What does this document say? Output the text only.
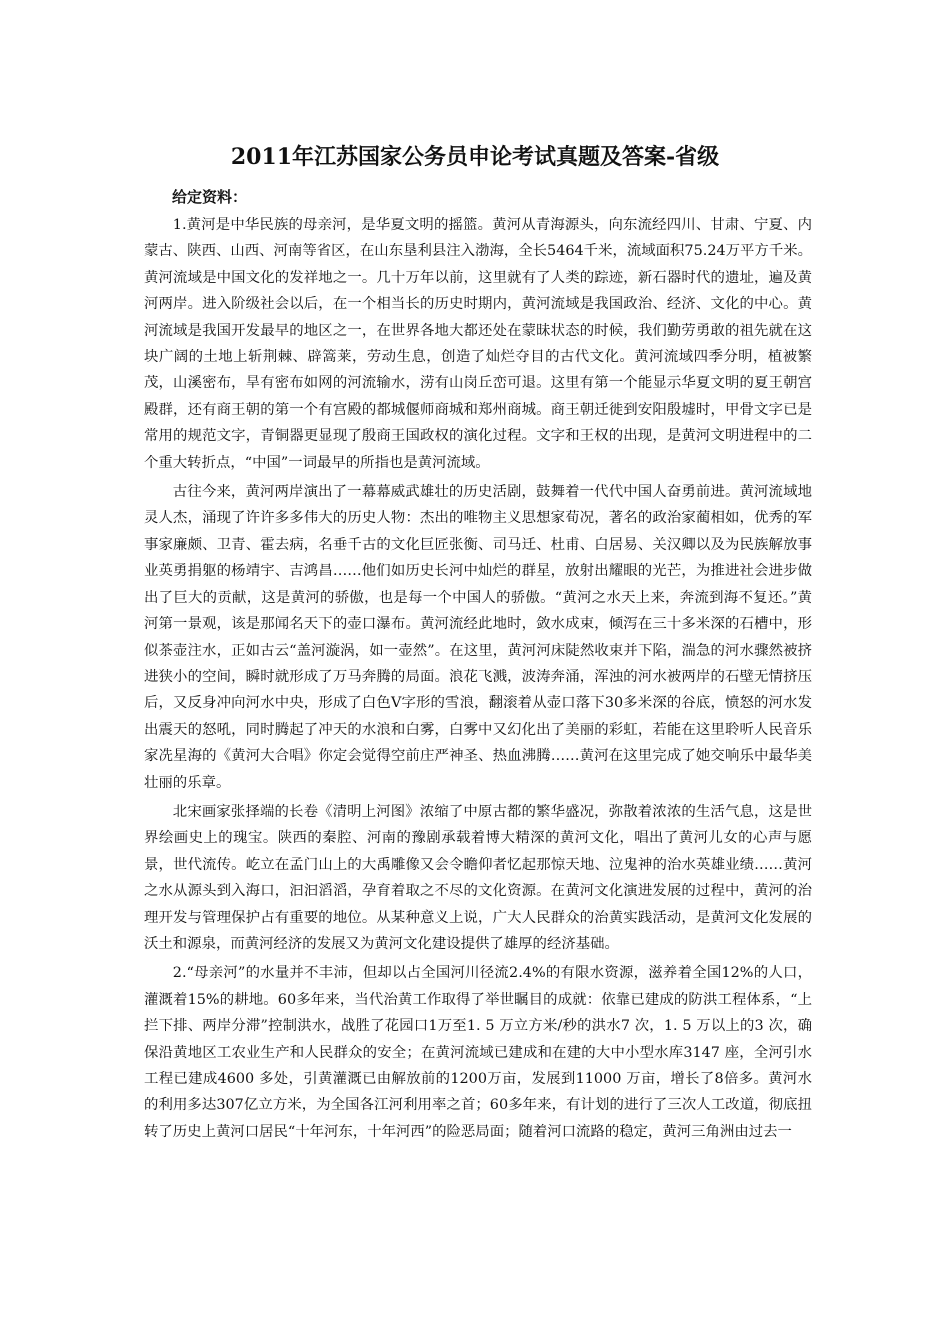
2011年江苏国家公务员申论考试真题及答案-省级

给定资料：

1.黄河是中华民族的母亲河，是华夏文明的摇篮。黄河从青海源头，向东流经四川、甘肃、宁夏、内蒙古、陕西、山西、河南等省区，在山东垦利县注入渤海，全长5464千米，流域面积75.24万平方千米。黄河流域是中国文化的发祥地之一。几十万年以前，这里就有了人类的踪迹，新石器时代的遗址，遍及黄河两岸。进入阶级社会以后，在一个相当长的历史时期内，黄河流域是我国政治、经济、文化的中心。黄河流域是我国开发最早的地区之一，在世界各地大都还处在蒙昧状态的时候，我们勤劳勇敢的祖先就在这块广阔的土地上斩荆棘、辟篙莱，劳动生息，创造了灿烂夺目的古代文化。黄河流域四季分明，植被繁茂，山溪密布，旱有密布如网的河流输水，涝有山岗丘峦可退。这里有第一个能显示华夏文明的夏王朝宫殿群，还有商王朝的第一个有宫殿的都城偃师商城和郑州商城。商王朝迁徙到安阳殷墟时，甲骨文字已是常用的规范文字，青铜器更显现了殷商王国政权的演化过程。文字和王权的出现，是黄河文明进程中的二个重大转折点，“中国”一词最早的所指也是黄河流域。

古往今来，黄河两岸演出了一幕幕威武雄壮的历史活剧，鼓舞着一代代中国人奋勇前进。黄河流域地灵人杰，涌现了许许多多伟大的历史人物：杰出的唯物主义思想家荀况，著名的政治家蔺相如，优秀的军事家廉颇、卫青、霍去病，名垂千古的文化巨匠张衡、司马迁、杜甫、白居易、关汉卿以及为民族解放事业英勇捐躯的杨靖宇、吉鸿昌……他们如历史长河中灿烂的群星，放射出耀眼的光芒，为推进社会进步做出了巨大的贡献，这是黄河的骄傲，也是每一个中国人的骄傲。“黄河之水天上来，奔流到海不复还。”黄河第一景观，该是那闻名天下的壶口瀑布。黄河流经此地时，敛水成束，倾泻在三十多米深的石槽中，形似茶壶注水，正如古云“盖河漩涡，如一壶然”。在这里，黄河河床陡然收束并下陷，湍急的河水骤然被挤进狭小的空间，瞬时就形成了万马奔腾的局面。浪花飞溅，波涛奔涌，浑浊的河水被两岸的石壁无情挤压后，又反身冲向河水中央，形成了白色Ⅴ字形的雪浪，翻滚着从壶口落下30多米深的谷底，愤怒的河水发出震天的怒吼，同时腾起了冲天的水浪和白雾，白雾中又幻化出了美丽的彩虹，若能在这里聆听人民音乐家冼星海的《黄河大合唱》你定会觉得空前庄严神圣、热血沸腾……黄河在这里完成了她交响乐中最华美壮丽的乐章。

北宋画家张择端的长卷《清明上河图》浓缩了中原古都的繁华盛况，弥散着浓浓的生活气息，这是世界绘画史上的瑰宝。陕西的秦腔、河南的豫剧承载着博大精深的黄河文化，唱出了黄河儿女的心声与愿景，世代流传。屹立在孟门山上的大禹雕像又会令瞻仰者忆起那惊天地、泣鬼神的治水英雄业绩……黄河之水从源头到入海口，汩汩滔滔，孕育着取之不尽的文化资源。在黄河文化演进发展的过程中，黄河的治理开发与管理保护占有重要的地位。从某种意义上说，广大人民群众的治黄实践活动，是黄河文化发展的沃土和源泉，而黄河经济的发展又为黄河文化建设提供了雄厚的经济基础。

2.“母亲河”的水量并不丰沛，但却以占全国河川径流2.4%的有限水资源，滋养着全国12%的人口，灌溉着15%的耕地。60多年来，当代治黄工作取得了举世瞩目的成就：依靠已建成的防洪工程体系，“上拦下排、两岸分滞”控制洪水，战胜了花园口1万至1. 5 万立方米/秒的洪水7 次，1. 5 万以上的3 次，确保沿黄地区工农业生产和人民群众的安全；在黄河流域已建成和在建的大中小型水库3147 座，全河引水工程已建成4600 多处，引黄灌溉已由解放前的1200万亩，发展到11000 万亩，增长了8倍多。黄河水的利用多达307亿立方米，为全国各江河利用率之首；60多年来，有计划的进行了三次人工改道，彻底扭转了历史上黄河口居民“十年河东，十年河西”的险恶局面；随着河口流路的稳定，黄河三角洲由过去一
